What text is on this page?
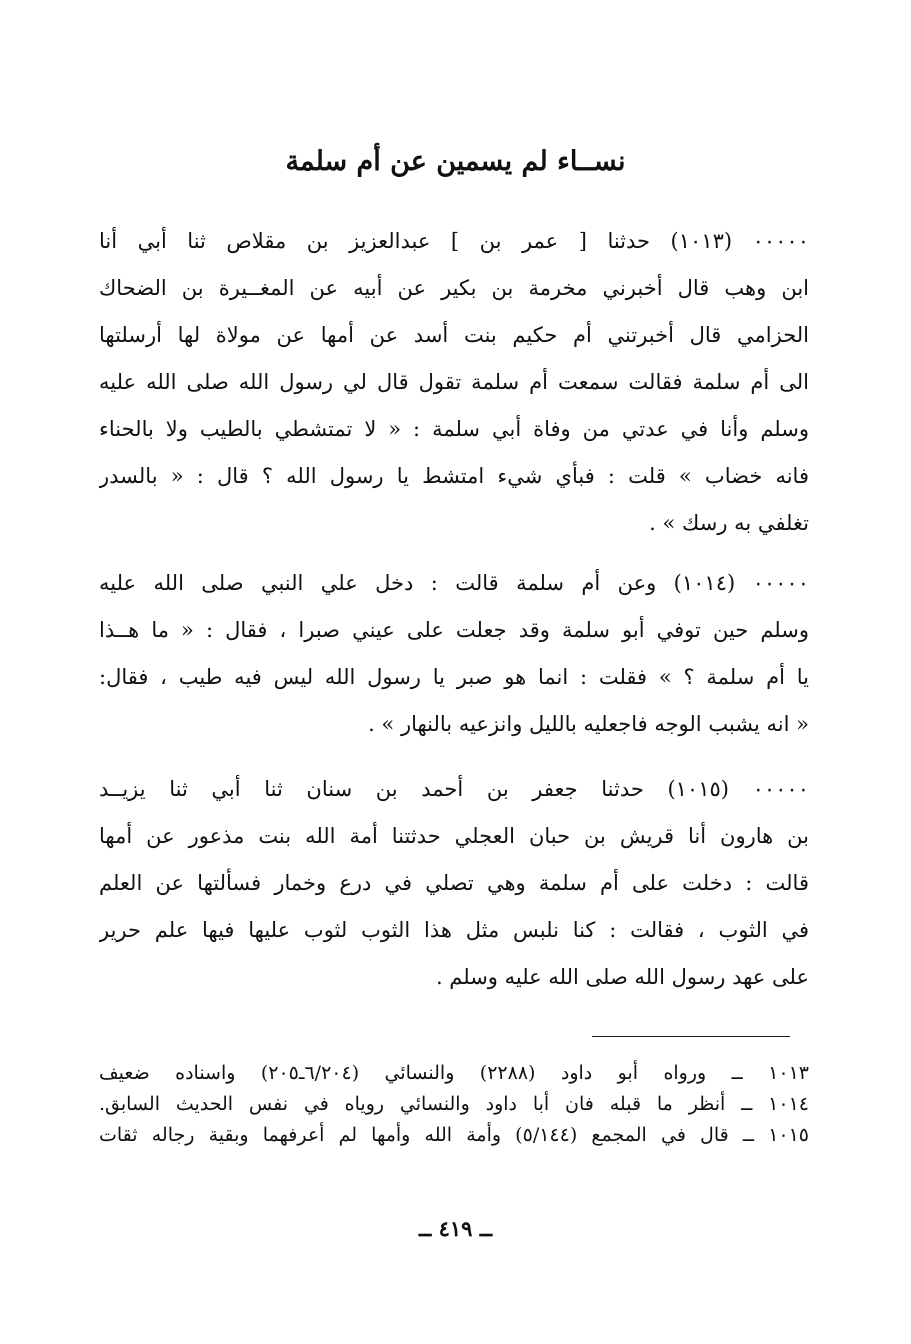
نســاء لم يسمين عن أم سلمة
٠٠٠٠٠ (١٠١٣) حدثنا [ عمر بن ] عبدالعزيز بن مقلاص ثنا أبي أنا
ابن وهب قال أخبرني مخرمة بن بكير عن أبيه عن المغــيرة بن الضحاك
الحزامي قال أخبرتني أم حكيم بنت أسد عن أمها عن مولاة لها أرسلتها
الى أم سلمة فقالت سمعت أم سلمة تقول قال لي رسول الله صلى الله عليه
وسلم وأنا في عدتي من وفاة أبي سلمة : « لا تمتشطي بالطيب ولا بالحناء
فانه خضاب » قلت : فبأي شيء امتشط يا رسول الله ؟ قال : « بالسدر
تغلفي به رسك » .
٠٠٠٠٠ (١٠١٤) وعن أم سلمة قالت : دخل علي النبي صلى الله عليه
وسلم حين توفي أبو سلمة وقد جعلت على عيني صبرا ، فقال : « ما هــذا
يا أم سلمة ؟ » فقلت : انما هو صبر يا رسول الله ليس فيه طيب ، فقال:
« انه يشبب الوجه فاجعليه بالليل وانزعيه بالنهار » .
٠٠٠٠٠ (١٠١٥) حدثنا جعفر بن أحمد بن سنان ثنا أبي ثنا يزيــد
بن هارون أنا قريش بن حبان العجلي حدثتنا أمة الله بنت مذعور عن أمها
قالت : دخلت على أم سلمة وهي تصلي في درع وخمار فسألتها عن العلم
في الثوب ، فقالت : كنا نلبس مثل هذا الثوب لثوب عليها فيها علم حرير
على عهد رسول الله صلى الله عليه وسلم .
١٠١٣ ــ ورواه أبو داود (٢٢٨٨) والنسائي (٦/٢٠٤ـ٢٠٥) واسناده ضعيف
١٠١٤ ــ أنظر ما قبله فان أبا داود والنسائي روياه في نفس الحديث السابق.
١٠١٥ ــ قال في المجمع (٥/١٤٤) وأمة الله وأمها لم أعرفهما وبقية رجاله ثقات
ــ ٤١٩ ــ
